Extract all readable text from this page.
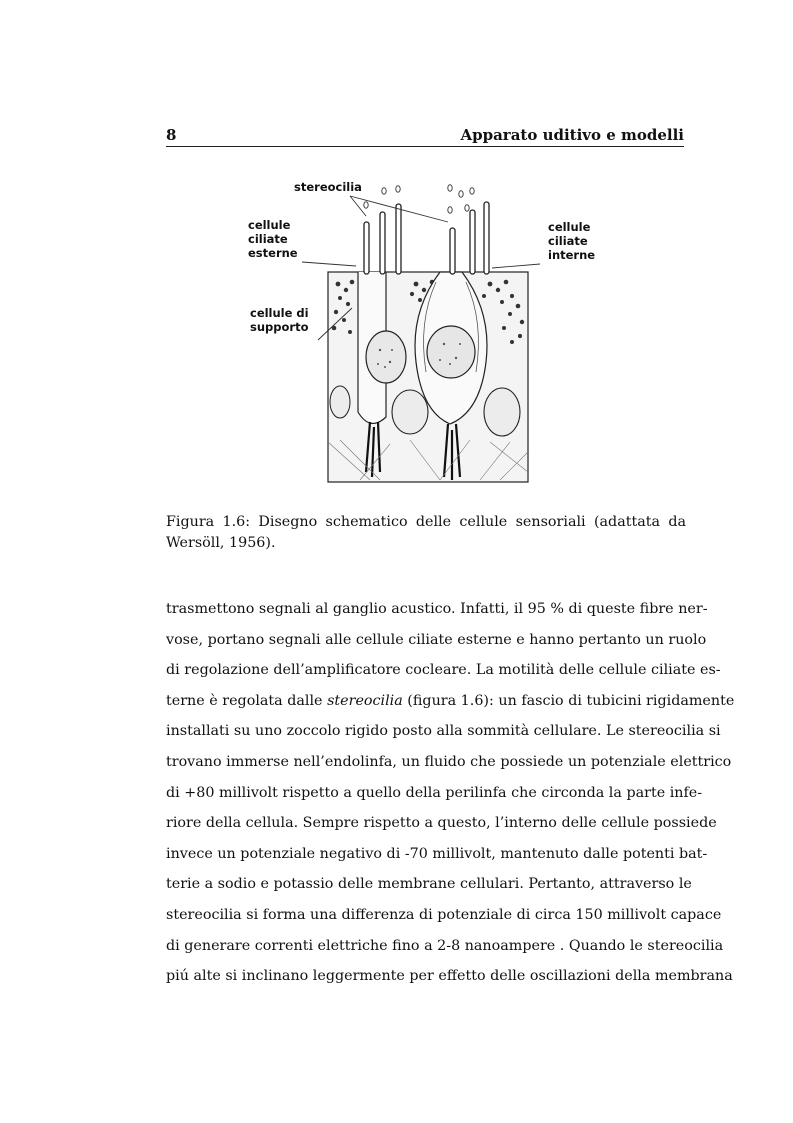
8	Apparato uditivo e modelli
stereocilia
cellule
ciliate
esterne
cellule
ciliate
interne
cellule di
supporto
Figura 1.6: Disegno schematico delle cellule sensoriali (adattata da Wersöll, 1956).
trasmettono segnali al ganglio acustico. Infatti, il 95 % di queste fibre ner-
vose, portano segnali alle cellule ciliate esterne e hanno pertanto un ruolo
di regolazione dell’amplificatore cocleare. La motilità delle cellule ciliate es-
terne è regolata dalle stereocilia (figura 1.6): un fascio di tubicini rigidamente
installati su uno zoccolo rigido posto alla sommità cellulare. Le stereocilia si
trovano immerse nell’endolinfa, un fluido che possiede un potenziale elettrico
di +80 millivolt rispetto a quello della perilinfa che circonda la parte infe-
riore della cellula. Sempre rispetto a questo, l’interno delle cellule possiede
invece un potenziale negativo di -70 millivolt, mantenuto dalle potenti bat-
terie a sodio e potassio delle membrane cellulari. Pertanto, attraverso le
stereocilia si forma una differenza di potenziale di circa 150 millivolt capace
di generare correnti elettriche fino a 2-8 nanoampere . Quando le stereocilia
piú alte si inclinano leggermente per effetto delle oscillazioni della membrana
